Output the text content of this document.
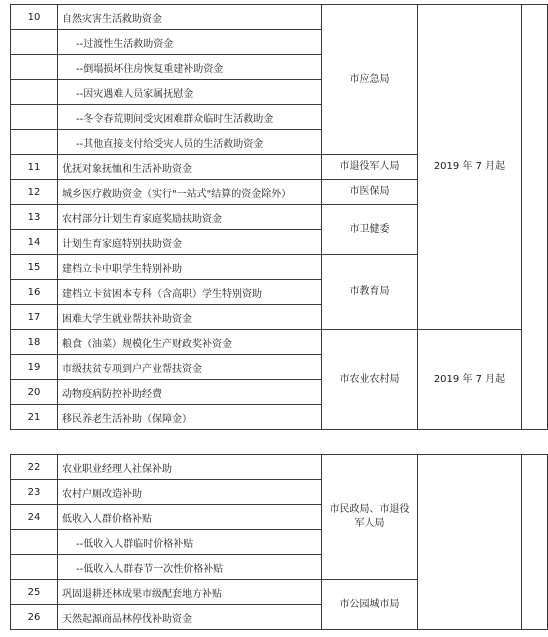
10	自然灾害生活救助资金	市应急局	2019 年 7 月起	
	--过渡性生活救助资金			
	--倒塌损坏住房恢复重建补助资金			
	--因灾遇难人员家属抚慰金			
	--冬令春荒期间受灾困难群众临时生活救助金			
	--其他直接支付给受灾人员的生活救助资金			
11	优抚对象抚恤和生活补助资金	市退役军人局		
12	城乡医疗救助资金（实行"一站式"结算的资金除外）	市医保局		
13	农村部分计划生育家庭奖励扶助资金	市卫健委		
14	计划生育家庭特别扶助资金			
15	建档立卡中职学生特别补助	市教育局		
16	建档立卡贫困本专科（含高职）学生特别资助			
17	困难大学生就业帮扶补助资金			
18	粮食（油菜）规模化生产财政奖补资金	市农业农村局	2019 年 7 月起	
19	市级扶贫专项到户产业帮扶资金			
20	动物疫病防控补助经费			
21	移民养老生活补助（保障金）			
22	农业职业经理人社保补助	市民政局、市退役军人局		
23	农村户厕改造补助			
24	低收入人群价格补贴			
	--低收入人群临时价格补贴			
	--低收入人群春节一次性价格补贴			
25	巩固退耕还林成果市级配套地方补贴	市公园城市局		
26	天然起源商品林停伐补助资金			
